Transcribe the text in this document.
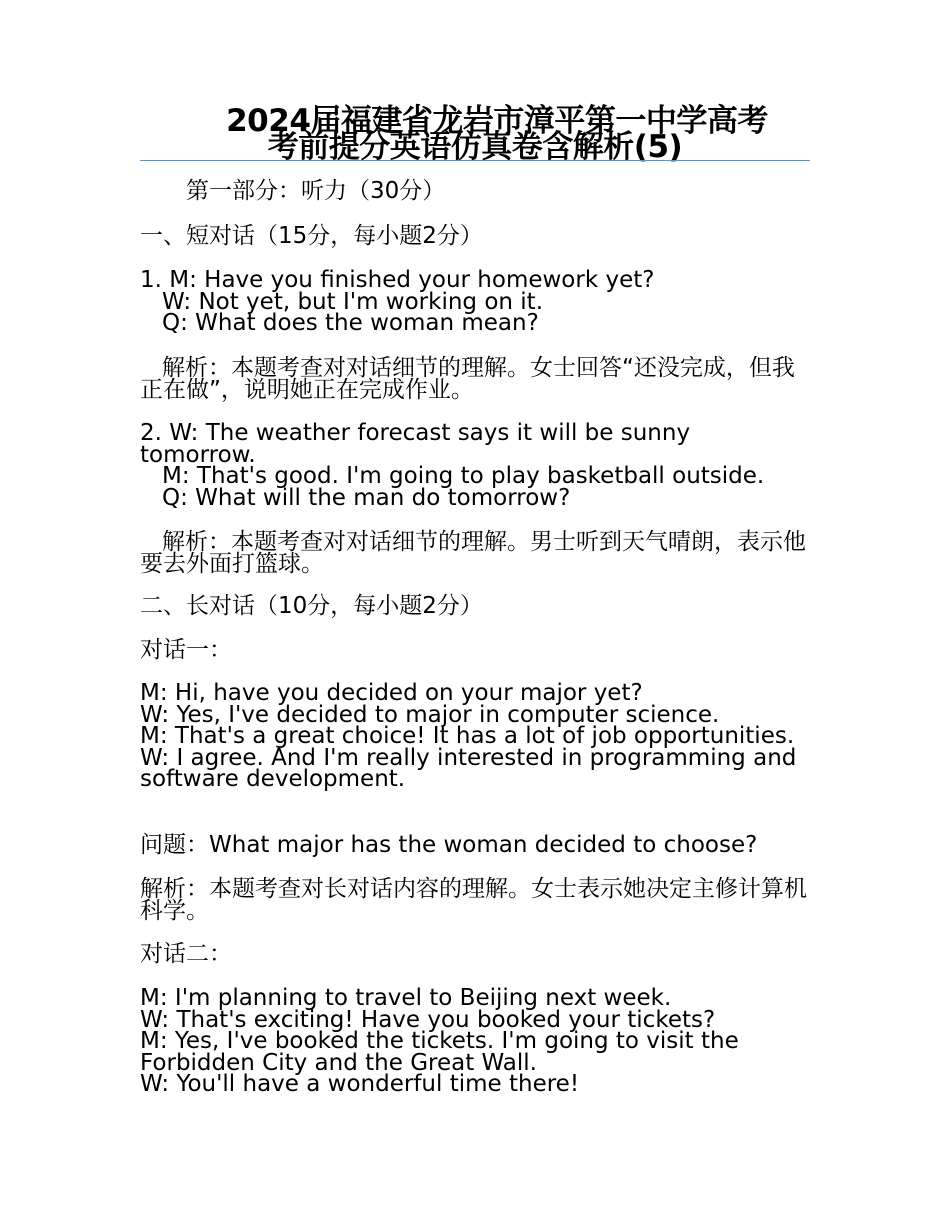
2024届福建省龙岩市漳平第一中学高考
考前提分英语仿真卷含解析(5)

第一部分：听力（30分）

一、短对话（15分，每小题2分）

1. M: Have you finished your homework yet?
W: Not yet, but I'm working on it.
Q: What does the woman mean?

解析：本题考查对对话细节的理解。女士回答“还没完成，但我正在做”，说明她正在完成作业。

2. W: The weather forecast says it will be sunny tomorrow.
M: That's good. I'm going to play basketball outside.
Q: What will the man do tomorrow?

解析：本题考查对对话细节的理解。男士听到天气晴朗，表示他要去外面打篮球。

二、长对话（10分，每小题2分）

对话一：

M: Hi, have you decided on your major yet?
W: Yes, I've decided to major in computer science.
M: That's a great choice! It has a lot of job opportunities.
W: I agree. And I'm really interested in programming and software development.

问题：What major has the woman decided to choose?

解析：本题考查对长对话内容的理解。女士表示她决定主修计算机科学。

对话二：

M: I'm planning to travel to Beijing next week.
W: That's exciting! Have you booked your tickets?
M: Yes, I've booked the tickets. I'm going to visit the Forbidden City and the Great Wall.
W: You'll have a wonderful time there!
